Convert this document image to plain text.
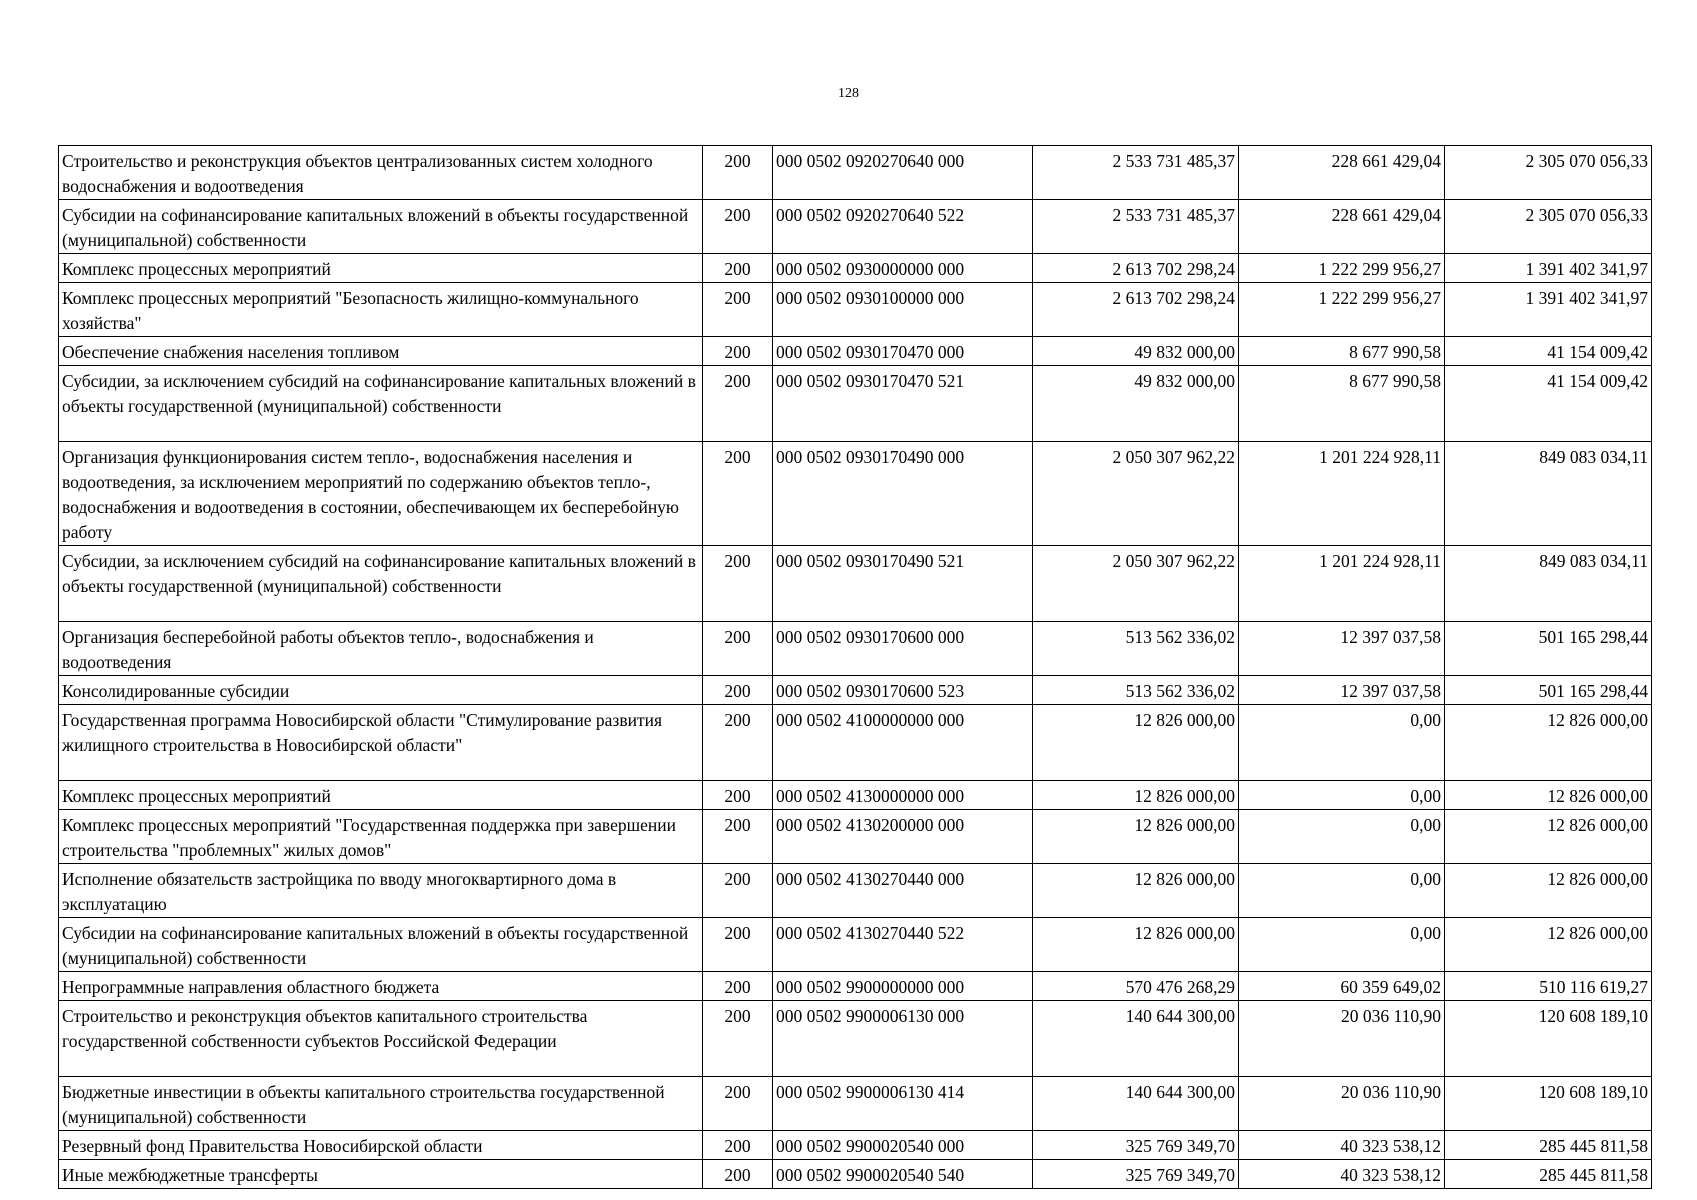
128
Строительство и реконструкция объектов централизованных систем холодного водоснабжения и водоотведения	200	000 0502 0920270640 000	2 533 731 485,37	228 661 429,04	2 305 070 056,33
Субсидии на софинансирование капитальных вложений в объекты государственной (муниципальной) собственности	200	000 0502 0920270640 522	2 533 731 485,37	228 661 429,04	2 305 070 056,33
Комплекс процессных мероприятий	200	000 0502 0930000000 000	2 613 702 298,24	1 222 299 956,27	1 391 402 341,97
Комплекс процессных мероприятий "Безопасность жилищно-коммунального хозяйства"	200	000 0502 0930100000 000	2 613 702 298,24	1 222 299 956,27	1 391 402 341,97
Обеспечение снабжения населения топливом	200	000 0502 0930170470 000	49 832 000,00	8 677 990,58	41 154 009,42
Субсидии, за исключением субсидий на софинансирование капитальных вложений в объекты государственной (муниципальной) собственности	200	000 0502 0930170470 521	49 832 000,00	8 677 990,58	41 154 009,42
Организация функционирования систем тепло-, водоснабжения населения и водоотведения, за исключением мероприятий по содержанию объектов тепло-, водоснабжения и водоотведения в состоянии, обеспечивающем их бесперебойную работу	200	000 0502 0930170490 000	2 050 307 962,22	1 201 224 928,11	849 083 034,11
Субсидии, за исключением субсидий на софинансирование капитальных вложений в объекты государственной (муниципальной) собственности	200	000 0502 0930170490 521	2 050 307 962,22	1 201 224 928,11	849 083 034,11
Организация бесперебойной работы объектов тепло-, водоснабжения и водоотведения	200	000 0502 0930170600 000	513 562 336,02	12 397 037,58	501 165 298,44
Консолидированные субсидии	200	000 0502 0930170600 523	513 562 336,02	12 397 037,58	501 165 298,44
Государственная программа Новосибирской области "Стимулирование развития жилищного строительства в Новосибирской области"	200	000 0502 4100000000 000	12 826 000,00	0,00	12 826 000,00
Комплекс процессных мероприятий	200	000 0502 4130000000 000	12 826 000,00	0,00	12 826 000,00
Комплекс процессных мероприятий "Государственная поддержка при завершении строительства "проблемных" жилых домов"	200	000 0502 4130200000 000	12 826 000,00	0,00	12 826 000,00
Исполнение обязательств застройщика по вводу многоквартирного дома в эксплуатацию	200	000 0502 4130270440 000	12 826 000,00	0,00	12 826 000,00
Субсидии на софинансирование капитальных вложений в объекты государственной (муниципальной) собственности	200	000 0502 4130270440 522	12 826 000,00	0,00	12 826 000,00
Непрограммные направления областного бюджета	200	000 0502 9900000000 000	570 476 268,29	60 359 649,02	510 116 619,27
Строительство и реконструкция объектов капитального строительства государственной собственности субъектов Российской Федерации	200	000 0502 9900006130 000	140 644 300,00	20 036 110,90	120 608 189,10
Бюджетные инвестиции в объекты капитального строительства государственной (муниципальной) собственности	200	000 0502 9900006130 414	140 644 300,00	20 036 110,90	120 608 189,10
Резервный фонд Правительства Новосибирской области	200	000 0502 9900020540 000	325 769 349,70	40 323 538,12	285 445 811,58
Иные межбюджетные трансферты	200	000 0502 9900020540 540	325 769 349,70	40 323 538,12	285 445 811,58
